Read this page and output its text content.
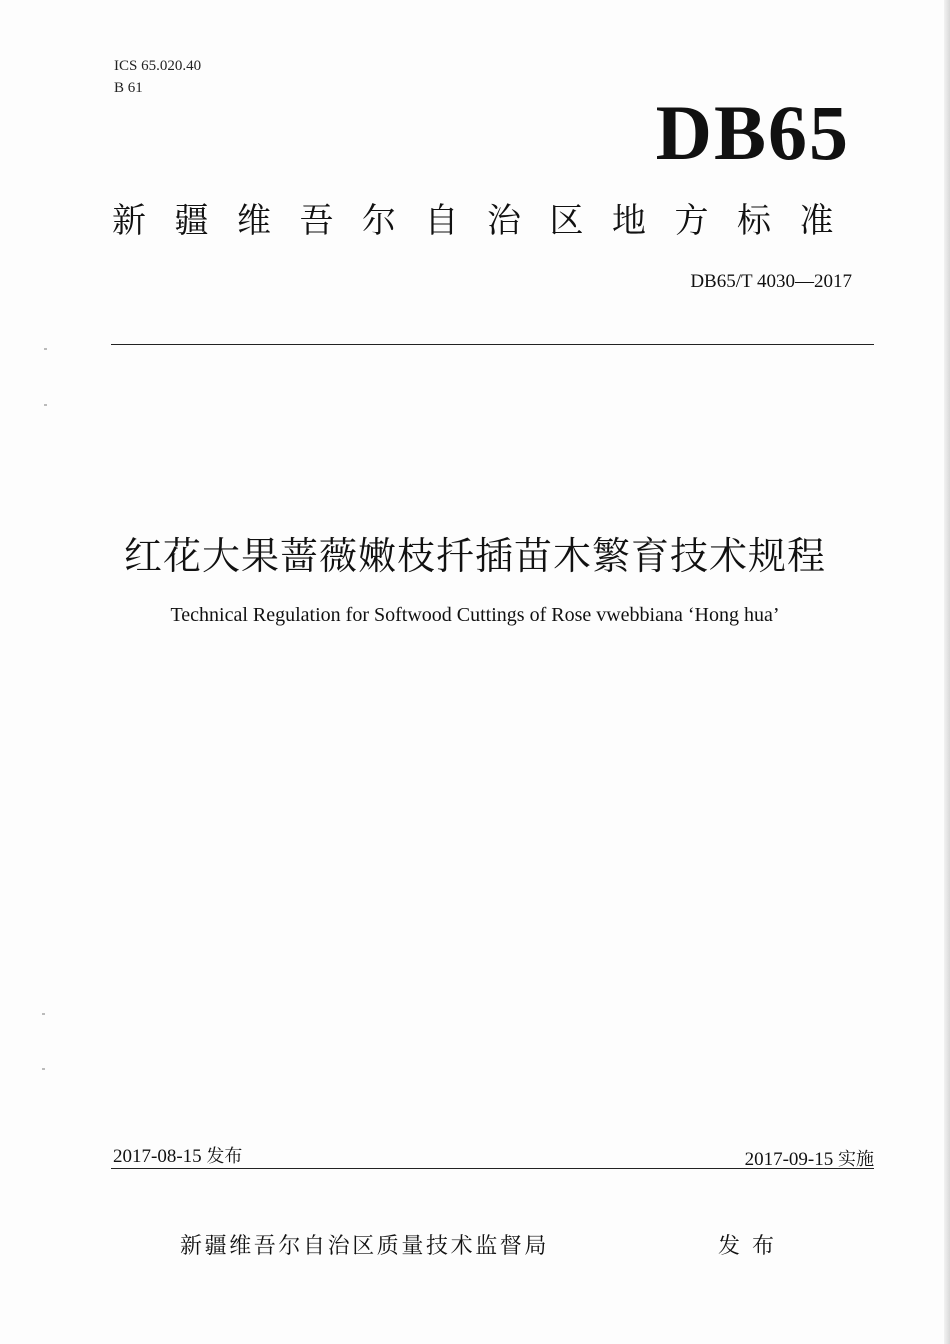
ICS 65.020.40
B 61
DB65
新疆维吾尔自治区地方标准
DB65/T 4030—2017
红花大果蔷薇嫩枝扦插苗木繁育技术规程
Technical Regulation for Softwood Cuttings of Rose vwebbiana ‘Hong hua’
2017-08-15 发布	2017-09-15 实施
新疆维吾尔自治区质量技术监督局	发布
